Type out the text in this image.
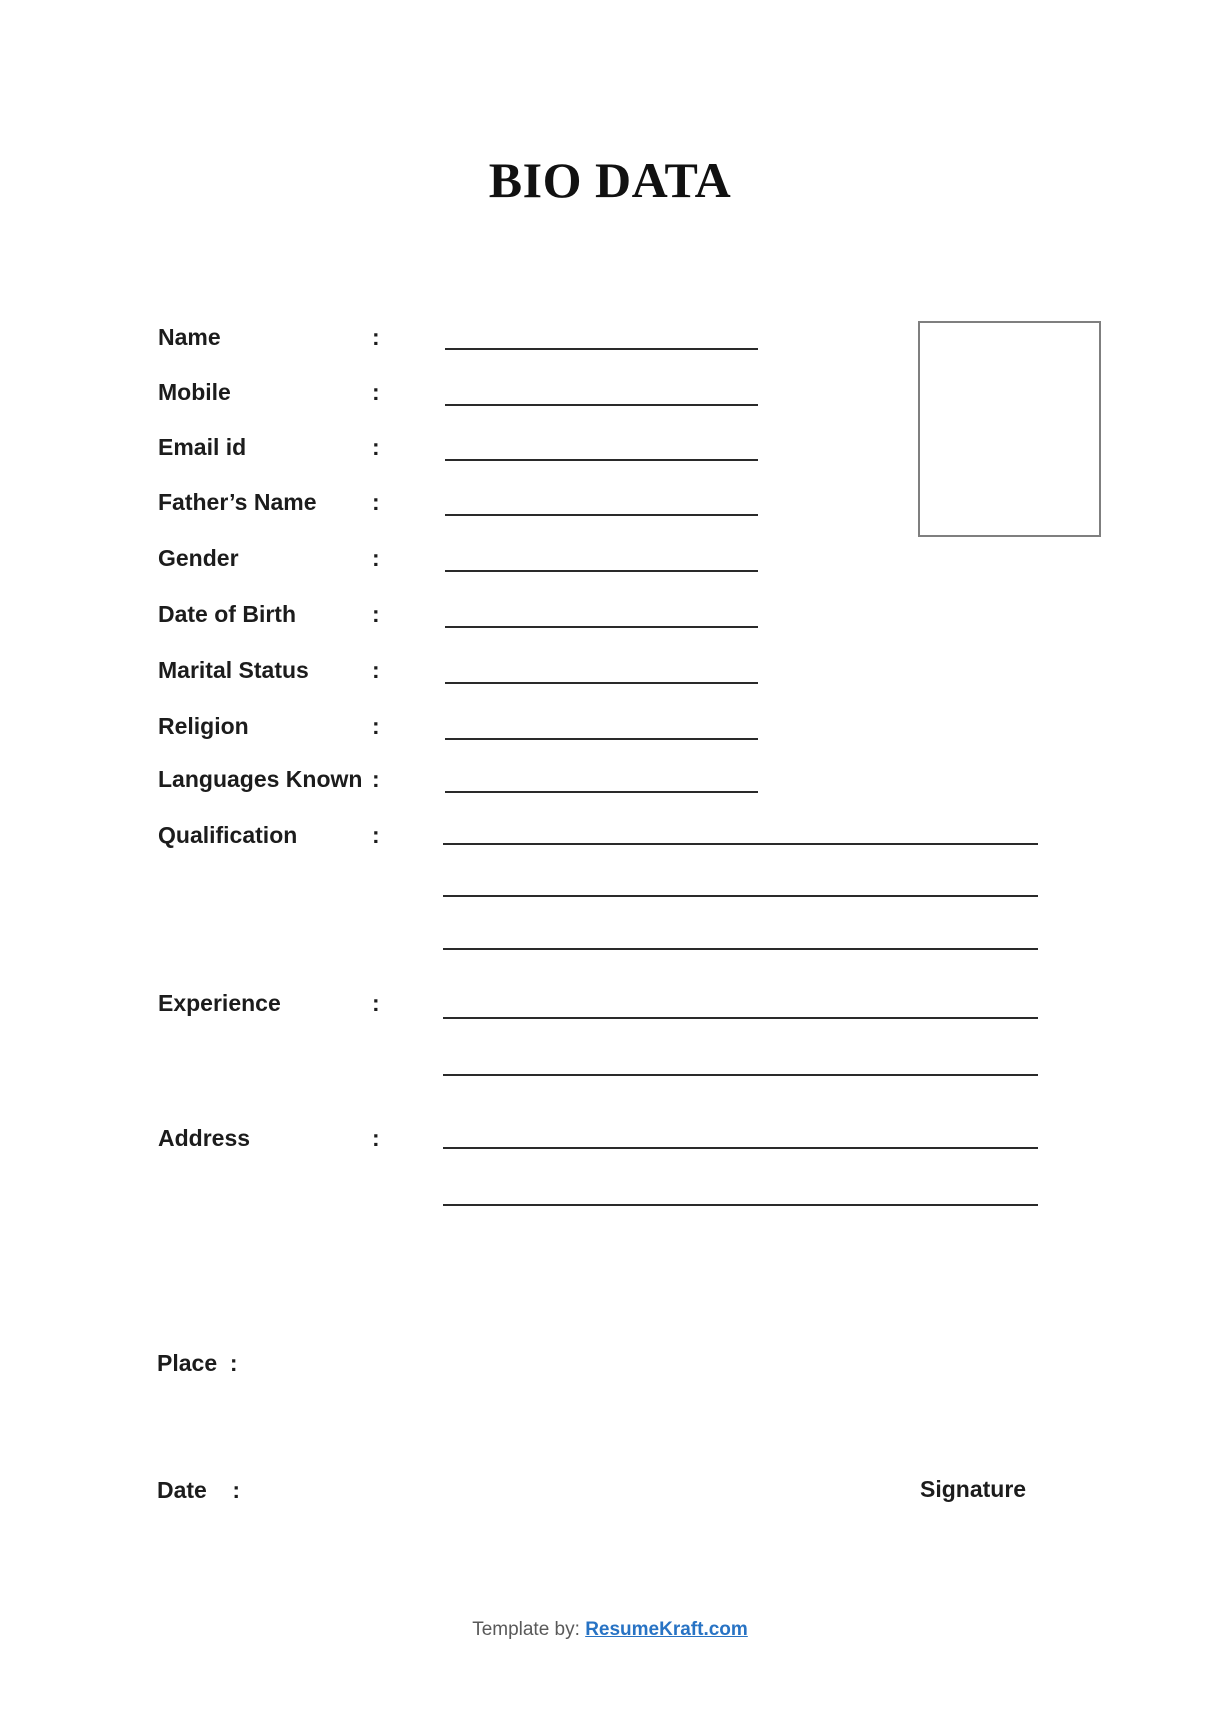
BIO DATA
Name	:
Mobile	:
Email id	:
Father’s Name :
Gender	:
Date of Birth	:
Marital Status	:
Religion	:
Languages Known :
Qualification	:
Experience	:
Address	:
Place  :
Date    :	Signature
Template by: ResumeKraft.com
